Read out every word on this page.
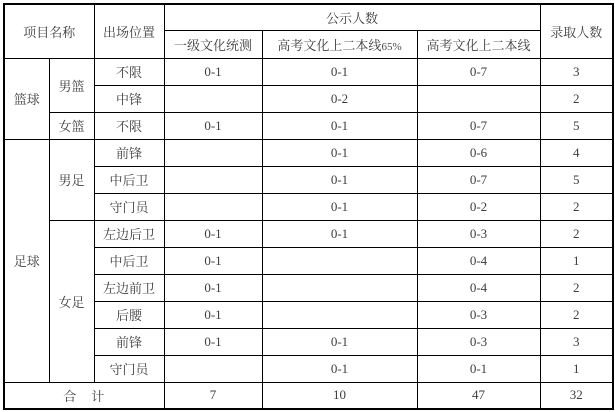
项目名称		出场位置	公示人数			录取人数
			一级文化统测	高考文化上二本线65%	高考文化上二本线	
篮球	男篮	不限	0-1	0-1	0-7	3
		中锋		0-2		2
	女篮	不限	0-1	0-1	0-7	5
足球	男足	前锋		0-1	0-6	4
		中后卫		0-1	0-7	5
		守门员		0-1	0-2	2
	女足	左边后卫	0-1	0-1	0-3	2
		中后卫	0-1		0-4	1
		左边前卫	0-1		0-4	2
		后腰	0-1		0-3	2
		前锋	0-1	0-1	0-3	3
		守门员		0-1	0-1	1
合　计			7	10	47	32
